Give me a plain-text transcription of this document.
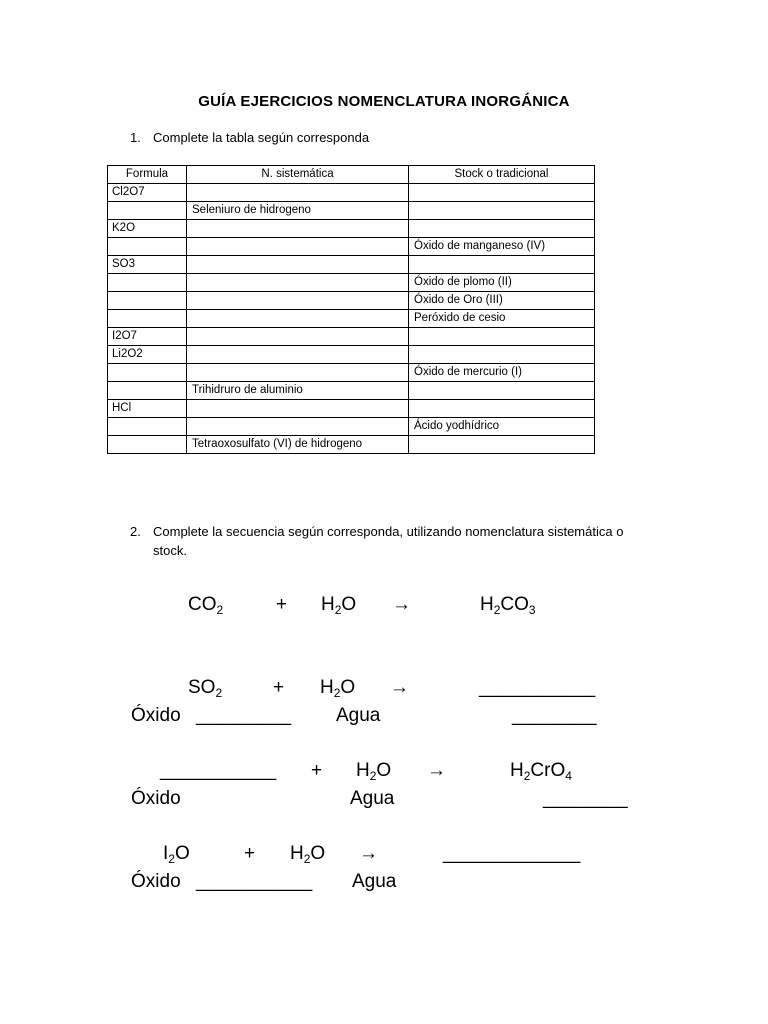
GUÍA EJERCICIOS NOMENCLATURA INORGÁNICA
1. Complete la tabla según corresponda
Formula	N. sistemática	Stock o tradicional
Cl2O7		
	Seleniuro de hidrogeno	
K2O		
		Óxido de manganeso (IV)
SO3		
		Óxido de plomo (II)
		Óxido de Oro (III)
		Peróxido de cesio
I2O7		
Li2O2		
		Óxido de mercurio (I)
	Trihidruro de aluminio	
HCl		
		Ácido yodhídrico
	Tetraoxosulfato (VI) de hidrogeno	
2. Complete la secuencia según corresponda, utilizando nomenclatura sistemática o
stock.
$CO_2$	+ $H_2O$ →	$H_2CO_3$
$SO_2$	+ $H_2O$ →	___________
Óxido _________ Agua	________
___________ + $H_2O$ →	$H_2CrO_4$
Óxido	Agua	________
$I_2O$	+ $H_2O$ →	_____________
Óxido ___________ Agua
